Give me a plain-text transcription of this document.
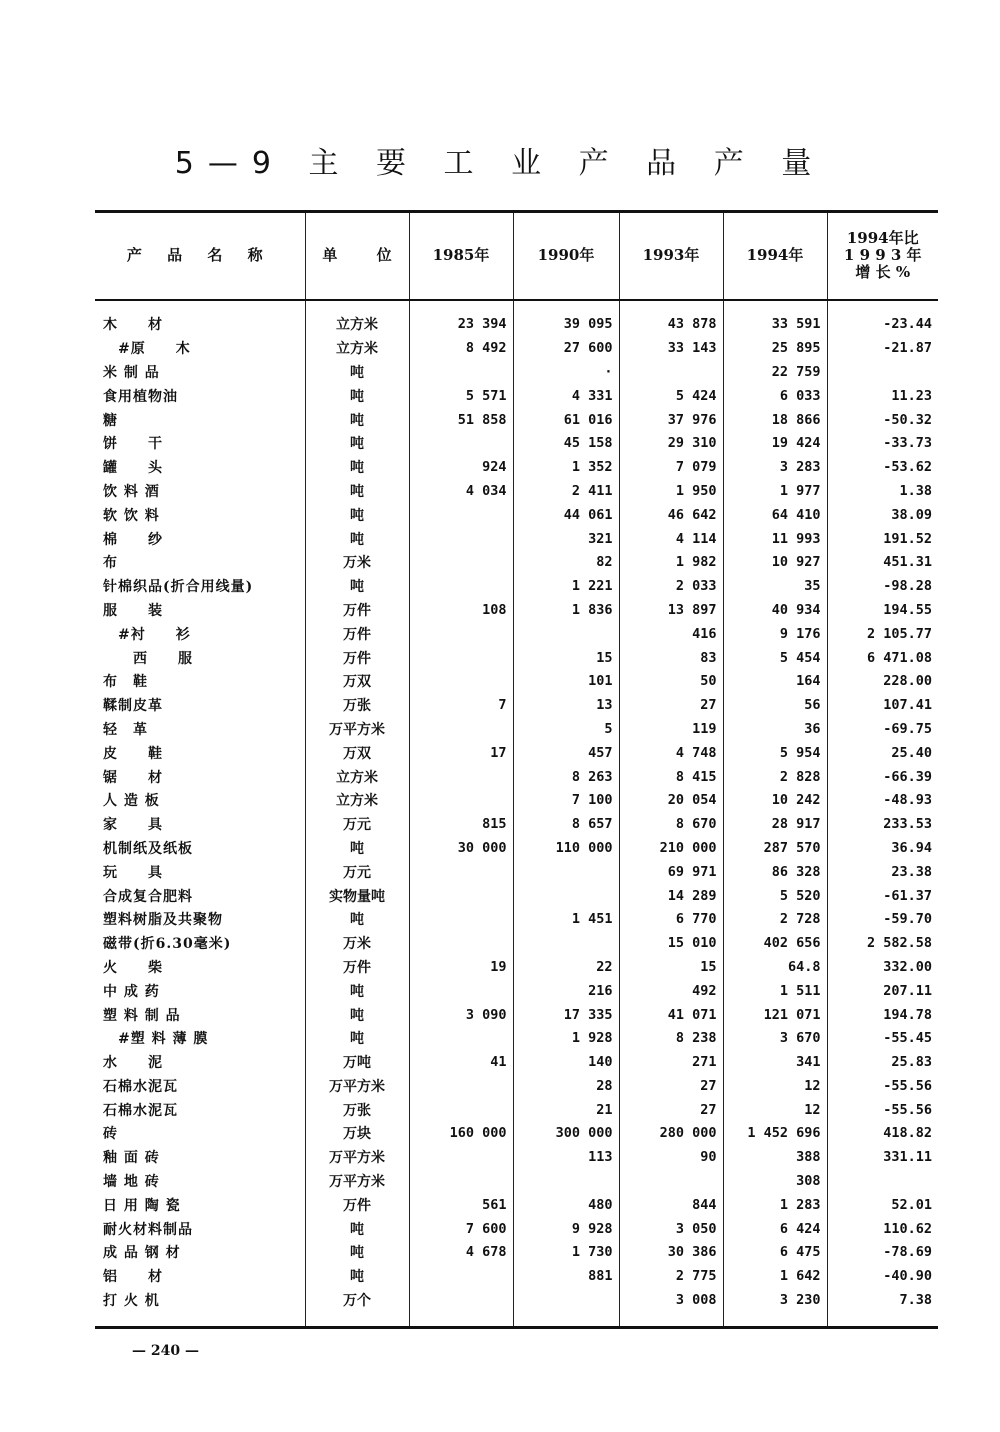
5—9 主 要 工 业 产 品 产 量
产 品 名 称	单 位	1985年	1990年	1993年	1994年	1994年比
1 9 9 3 年
增 长 %

木　　材	立方米	23 394	39 095	43 878	33 591	-23.44
　#原　　木	立方米	8 492	27 600	33 143	25 895	-21.87
米 制 品	吨		·		22 759	
食用植物油	吨	5 571	4 331	5 424	6 033	11.23
糖	吨	51 858	61 016	37 976	18 866	-50.32
饼　　干	吨		45 158	29 310	19 424	-33.73
罐　　头	吨	924	1 352	7 079	3 283	-53.62
饮 料 酒	吨	4 034	2 411	1 950	1 977	1.38
软 饮 料	吨		44 061	46 642	64 410	38.09
棉　　纱	吨		321	4 114	11 993	191.52
布	万米		82	1 982	10 927	451.31
针棉织品(折合用线量)	吨		1 221	2 033	35	-98.28
服　　装	万件	108	1 836	13 897	40 934	194.55
　#衬　　衫	万件			416	9 176	2 105.77
　　西　　服	万件		15	83	5 454	6 471.08
布　鞋	万双		101	50	164	228.00
鞣制皮革	万张	7	13	27	56	107.41
轻　革	万平方米		5	119	36	-69.75
皮　　鞋	万双	17	457	4 748	5 954	25.40
锯　　材	立方米		8 263	8 415	2 828	-66.39
人 造 板	立方米		7 100	20 054	10 242	-48.93
家　　具	万元	815	8 657	8 670	28 917	233.53
机制纸及纸板	吨	30 000	110 000	210 000	287 570	36.94
玩　　具	万元			69 971	86 328	23.38
合成复合肥料	实物量吨			14 289	5 520	-61.37
塑料树脂及共聚物	吨		1 451	6 770	2 728	-59.70
磁带(折6.30毫米)	万米			15 010	402 656	2 582.58
火　　柴	万件	19	22	15	64.8	332.00
中 成 药	吨		216	492	1 511	207.11
塑 料 制 品	吨	3 090	17 335	41 071	121 071	194.78
　#塑 料 薄 膜	吨		1 928	8 238	3 670	-55.45
水　　泥	万吨	41	140	271	341	25.83
石棉水泥瓦	万平方米		28	27	12	-55.56
石棉水泥瓦	万张		21	27	12	-55.56
砖	万块	160 000	300 000	280 000	1 452 696	418.82
釉 面 砖	万平方米		113	90	388	331.11
墙 地 砖	万平方米				308	
日 用 陶 瓷	万件	561	480	844	1 283	52.01
耐火材料制品	吨	7 600	9 928	3 050	6 424	110.62
成 品 钢 材	吨	4 678	1 730	30 386	6 475	-78.69
铝　　材	吨		881	2 775	1 642	-40.90
打 火 机	万个			3 008	3 230	7.38
— 240 —
